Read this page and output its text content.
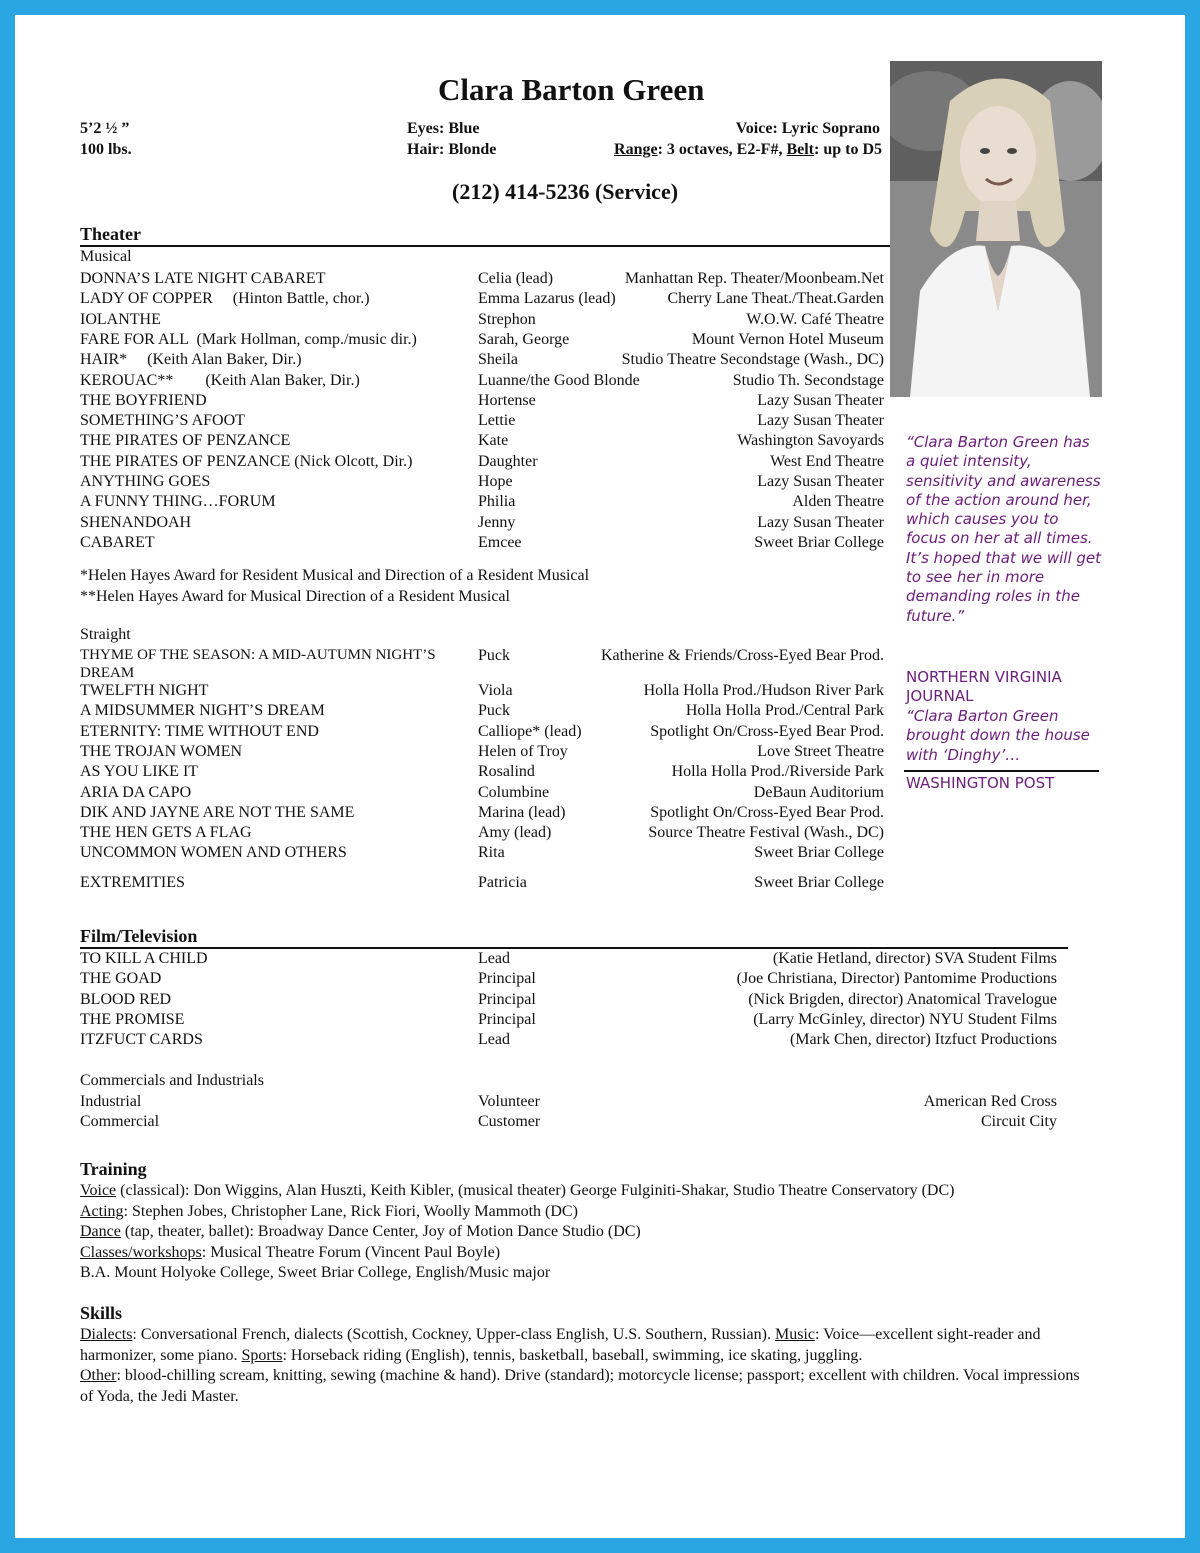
Clara Barton Green
5’2 ½ ”
100 lbs.
Eyes: Blue
Hair: Blonde
Voice: Lyric Soprano
Range: 3 octaves, E2-F#, Belt: up to D5
(212) 414-5236 (Service)
Theater
Musical
DONNA’S LATE NIGHT CABARET	Celia (lead)	Manhattan Rep. Theater/Moonbeam.Net
LADY OF COPPER     (Hinton Battle, chor.)	Emma Lazarus (lead)	Cherry Lane Theat./Theat.Garden
IOLANTHE	Strephon	W.O.W. Café Theatre
FARE FOR ALL  (Mark Hollman, comp./music dir.)	Sarah, George	Mount Vernon Hotel Museum
HAIR*     (Keith Alan Baker, Dir.)	Sheila	Studio Theatre Secondstage (Wash., DC)
KEROUAC**        (Keith Alan Baker, Dir.)	Luanne/the Good Blonde	Studio Th. Secondstage
THE BOYFRIEND	Hortense	Lazy Susan Theater
SOMETHING’S AFOOT	Lettie	Lazy Susan Theater
THE PIRATES OF PENZANCE	Kate	Washington Savoyards
THE PIRATES OF PENZANCE (Nick Olcott, Dir.)	Daughter	West End Theatre
ANYTHING GOES	Hope	Lazy Susan Theater
A FUNNY THING…FORUM	Philia	Alden Theatre
SHENANDOAH	Jenny	Lazy Susan Theater
CABARET	Emcee	Sweet Briar College
*Helen Hayes Award for Resident Musical and Direction of a Resident Musical
**Helen Hayes Award for Musical Direction of a Resident Musical
Straight
THYME OF THE SEASON: A MID-AUTUMN NIGHT’S
DREAM
Puck	Katherine & Friends/Cross-Eyed Bear Prod.
TWELFTH NIGHT	Viola	Holla Holla Prod./Hudson River Park
A MIDSUMMER NIGHT’S DREAM	Puck	Holla Holla Prod./Central Park
ETERNITY: TIME WITHOUT END	Calliope* (lead)	Spotlight On/Cross-Eyed Bear Prod.
THE TROJAN WOMEN	Helen of Troy	Love Street Theatre
AS YOU LIKE IT	Rosalind	Holla Holla Prod./Riverside Park
ARIA DA CAPO	Columbine	DeBaun Auditorium
DIK AND JAYNE ARE NOT THE SAME	Marina (lead)	Spotlight On/Cross-Eyed Bear Prod.
THE HEN GETS A FLAG	Amy (lead)	Source Theatre Festival (Wash., DC)
UNCOMMON WOMEN AND OTHERS	Rita	Sweet Briar College
EXTREMITIES	Patricia	Sweet Briar College
Film/Television
TO KILL A CHILD	Lead	(Katie Hetland, director) SVA Student Films
THE GOAD	Principal	(Joe Christiana, Director) Pantomime Productions
BLOOD RED	Principal	(Nick Brigden, director) Anatomical Travelogue
THE PROMISE	Principal	(Larry McGinley, director) NYU Student Films
ITZFUCT CARDS	Lead	(Mark Chen, director) Itzfuct Productions
Commercials and Industrials
Industrial	Volunteer	American Red Cross
Commercial	Customer	Circuit City
Training
Voice (classical): Don Wiggins, Alan Huszti, Keith Kibler, (musical theater) George Fulginiti-Shakar, Studio Theatre Conservatory (DC)
Acting: Stephen Jobes, Christopher Lane, Rick Fiori, Woolly Mammoth (DC)
Dance (tap, theater, ballet): Broadway Dance Center, Joy of Motion Dance Studio (DC)
Classes/workshops: Musical Theatre Forum (Vincent Paul Boyle)
B.A. Mount Holyoke College, Sweet Briar College, English/Music major
Skills
Dialects: Conversational French, dialects (Scottish, Cockney, Upper-class English, U.S. Southern, Russian). Music: Voice—excellent sight-reader and harmonizer, some piano. Sports: Horseback riding (English), tennis, basketball, baseball, swimming, ice skating, juggling.
Other: blood-chilling scream, knitting, sewing (machine & hand). Drive (standard); motorcycle license; passport; excellent with children. Vocal impressions of Yoda, the Jedi Master.
“Clara Barton Green has a quiet intensity, sensitivity and awareness of the action around her, which causes you to focus on her at all times. It’s hoped that we will get to see her in more demanding roles in the future.”
NORTHERN VIRGINIA
JOURNAL
“Clara Barton Green brought down the house with ‘Dinghy’…
WASHINGTON POST
